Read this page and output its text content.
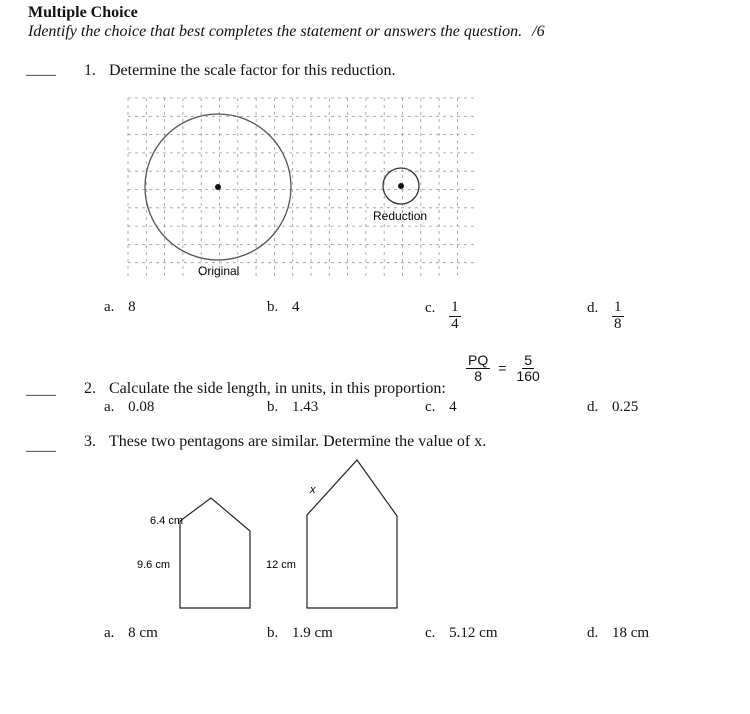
Multiple Choice
Identify the choice that best completes the statement or answers the question. /6
____ 1. Determine the scale factor for this reduction.
Original
Reduction
a. 8	b. 4	c. $\frac{1}{4}$	d. $\frac{1}{8}$
____ 2. Calculate the side length, in units, in this proportion:
$\frac{PQ}{8} = \frac{5}{160}$
a. 0.08	b. 1.43	c. 4	d. 0.25
____ 3. These two pentagons are similar. Determine the value of x.
6.4 cm
9.6 cm	12 cm
x
a. 8 cm	b. 1.9 cm	c. 5.12 cm	d. 18 cm
